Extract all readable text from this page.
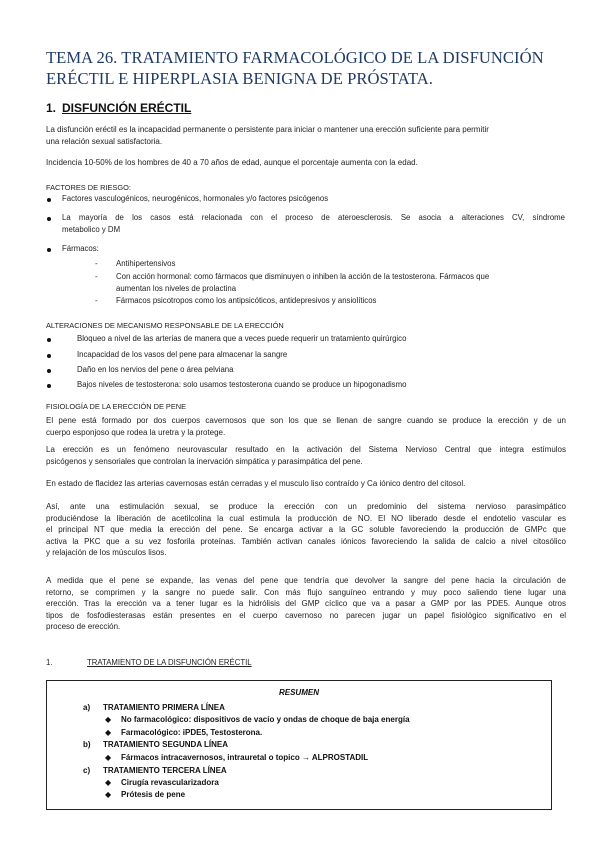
TEMA 26. TRATAMIENTO FARMACOLÓGICO DE LA DISFUNCIÓN
ERÉCTIL E HIPERPLASIA BENIGNA DE PRÓSTATA.
1. DISFUNCIÓN ERÉCTIL
La disfunción eréctil es la incapacidad permanente o persistente para iniciar o mantener una erección suficiente para permitir
una relación sexual satisfactoria.
Incidencia 10-50% de los hombres de 40 a 70 años de edad, aunque el porcentaje aumenta con la edad.
FACTORES DE RIESGO:
Factores vasculogénicos, neurogénicos, hormonales y/o factores psicógenos
La mayoría de los casos está relacionada con el proceso de ateroesclerosis. Se asocia a alteraciones CV, síndrome
metabolico y DM
Fármacos:
- Antihipertensivos
- Con acción hormonal: como fármacos que disminuyen o inhiben la acción de la testosterona. Fármacos que
aumentan los niveles de prolactina
- Fármacos psicotropos como los antipsicóticos, antidepresivos y ansiolíticos
ALTERACIONES DE MECANISMO RESPONSABLE DE LA ERECCIÓN
Bloqueo a nivel de las arterias de manera que a veces puede requerir un tratamiento quirúrgico
Incapacidad de los vasos del pene para almacenar la sangre
Daño en los nervios del pene o área pelviana
Bajos niveles de testosterona: solo usamos testosterona cuando se produce un hipogonadismo
FISIOLOGÍA DE LA ERECCIÓN DE PENE
El pene está formado por dos cuerpos cavernosos que son los que se llenan de sangre cuando se produce la erección y de un
cuerpo esponjoso que rodea la uretra y la protege.
La erección es un fenómeno neurovascular resultado en la activación del Sistema Nervioso Central que integra estímulos
psicógenos y sensoriales que controlan la inervación simpática y parasimpática del pene.
En estado de flacidez las arterias cavernosas están cerradas y el musculo liso contraído y Ca iónico dentro del citosol.
Así, ante una estimulación sexual, se produce la erección con un predominio del sistema nervioso parasimpático
produciéndose la liberación de acetilcolina la cual estimula la producción de NO. El NO liberado desde el endotelio vascular es
el principal NT que media la erección del pene. Se encarga activar a la GC soluble favoreciendo la producción de GMPc que
activa la PKC que a su vez fosforila proteínas. También activan canales iónicos favoreciendo la salida de calcio a nivel citosólico
y relajación de los músculos lisos.
A medida que el pene se expande, las venas del pene que tendría que devolver la sangre del pene hacia la circulación de
retorno, se comprimen y la sangre no puede salir. Con más flujo sanguíneo entrando y muy poco saliendo tiene lugar una
erección. Tras la erección va a tener lugar es la hidrólisis del GMP cíclico que va a pasar a GMP por las PDE5. Aunque otros
tipos de fosfodiesterasas están presentes en el cuerpo cavernoso no parecen jugar un papel fisiológico significativo en el
proceso de erección.
1.	TRATAMIENTO DE LA DISFUNCIÓN ERÉCTIL
RESUMEN
a) TRATAMIENTO PRIMERA LÍNEA
◆ No farmacológico: dispositivos de vacío y ondas de choque de baja energía
◆ Farmacológico: iPDE5, Testosterona.
b) TRATAMIENTO SEGUNDA LÍNEA
◆ Fármacos intracavernosos, intrauretal o topico → ALPROSTADIL
c) TRATAMIENTO TERCERA LÍNEA
◆ Cirugía revascularizadora
◆ Prótesis de pene
